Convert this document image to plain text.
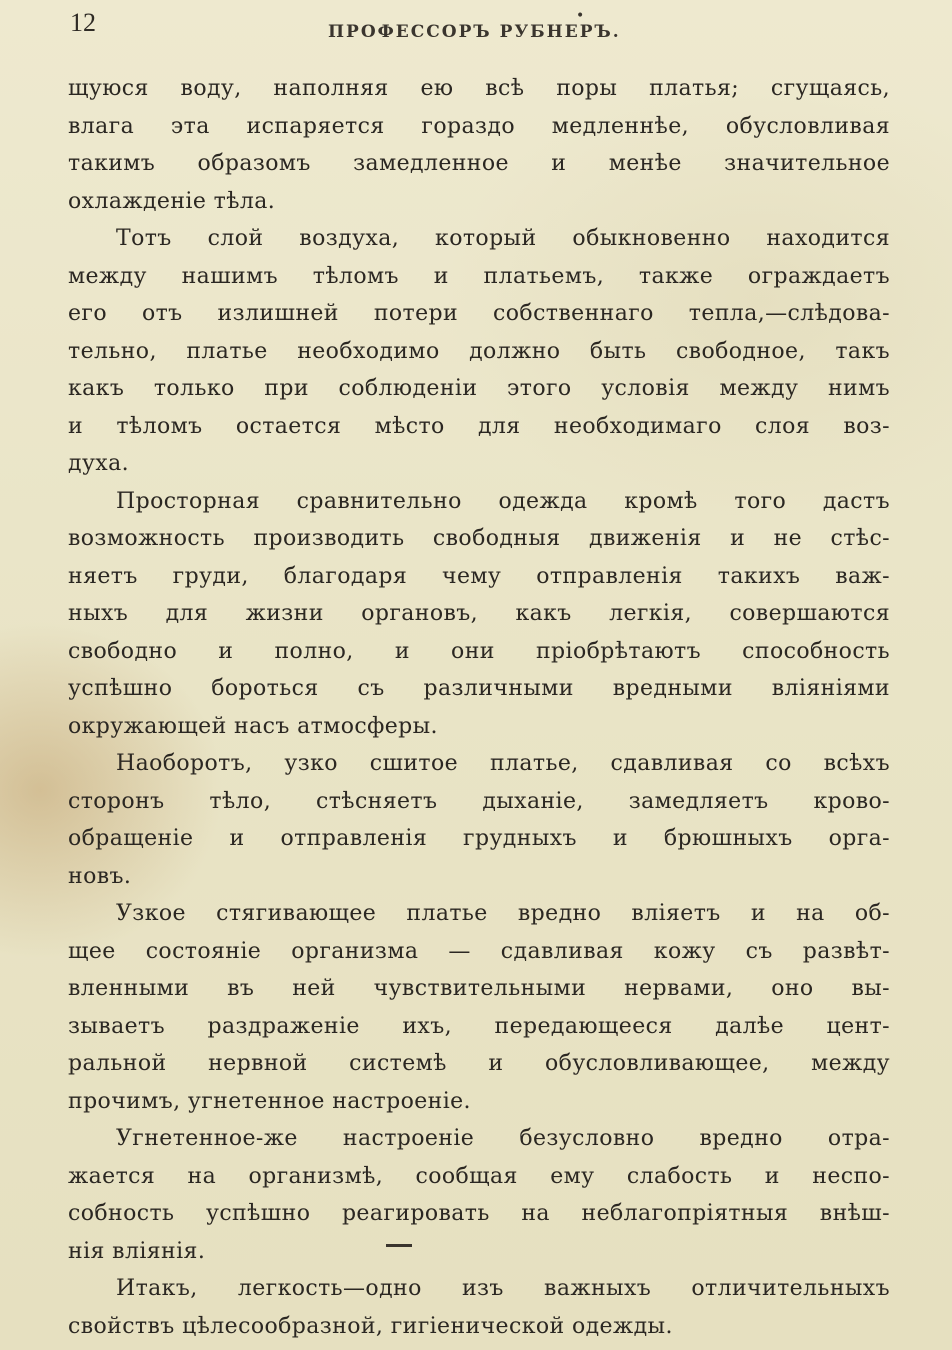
12	•
ПРОФЕССОРЪ РУБНЕРЪ.
щуюся воду, наполняя ею всѣ поры платья; сгущаясь,
влага эта испаряется гораздо медленнѣе, обусловливая
такимъ образомъ замедленное и менѣе значительное
охлажденіе тѣла.
Тотъ слой воздуха, который обыкновенно находится
между нашимъ тѣломъ и платьемъ, также ограждаетъ
его отъ излишней потери собственнаго тепла,—слѣдова-
тельно, платье необходимо должно быть свободное, такъ
какъ только при соблюденіи этого условія между нимъ
и тѣломъ остается мѣсто для необходимаго слоя воз-
духа.
Просторная сравнительно одежда кромѣ того дастъ
возможность производить свободныя движенія и не стѣс-
няетъ груди, благодаря чему отправленія такихъ важ-
ныхъ для жизни органовъ, какъ легкія, совершаются
свободно и полно, и они пріобрѣтаютъ способность
успѣшно бороться съ различными вредными вліяніями
окружающей насъ атмосферы.
Наоборотъ, узко сшитое платье, сдавливая со всѣхъ
сторонъ тѣло, стѣсняетъ дыханіе, замедляетъ крово-
обращеніе и отправленія грудныхъ и брюшныхъ орга-
новъ.
Узкое стягивающее платье вредно вліяетъ и на об-
щее состояніе организма — сдавливая кожу съ развѣт-
вленными въ ней чувствительными нервами, оно вы-
зываетъ раздраженіе ихъ, передающееся далѣе цент-
ральной нервной системѣ и обусловливающее, между
прочимъ, угнетенное настроеніе.
Угнетенное-же настроеніе безусловно вредно отра-
жается на организмѣ, сообщая ему слабость и неспо-
собность успѣшно реагировать на неблагопріятныя внѣш-
нія вліянія.
Итакъ, легкость—одно изъ важныхъ отличительныхъ
свойствъ цѣлесообразной, гигіенической одежды.
